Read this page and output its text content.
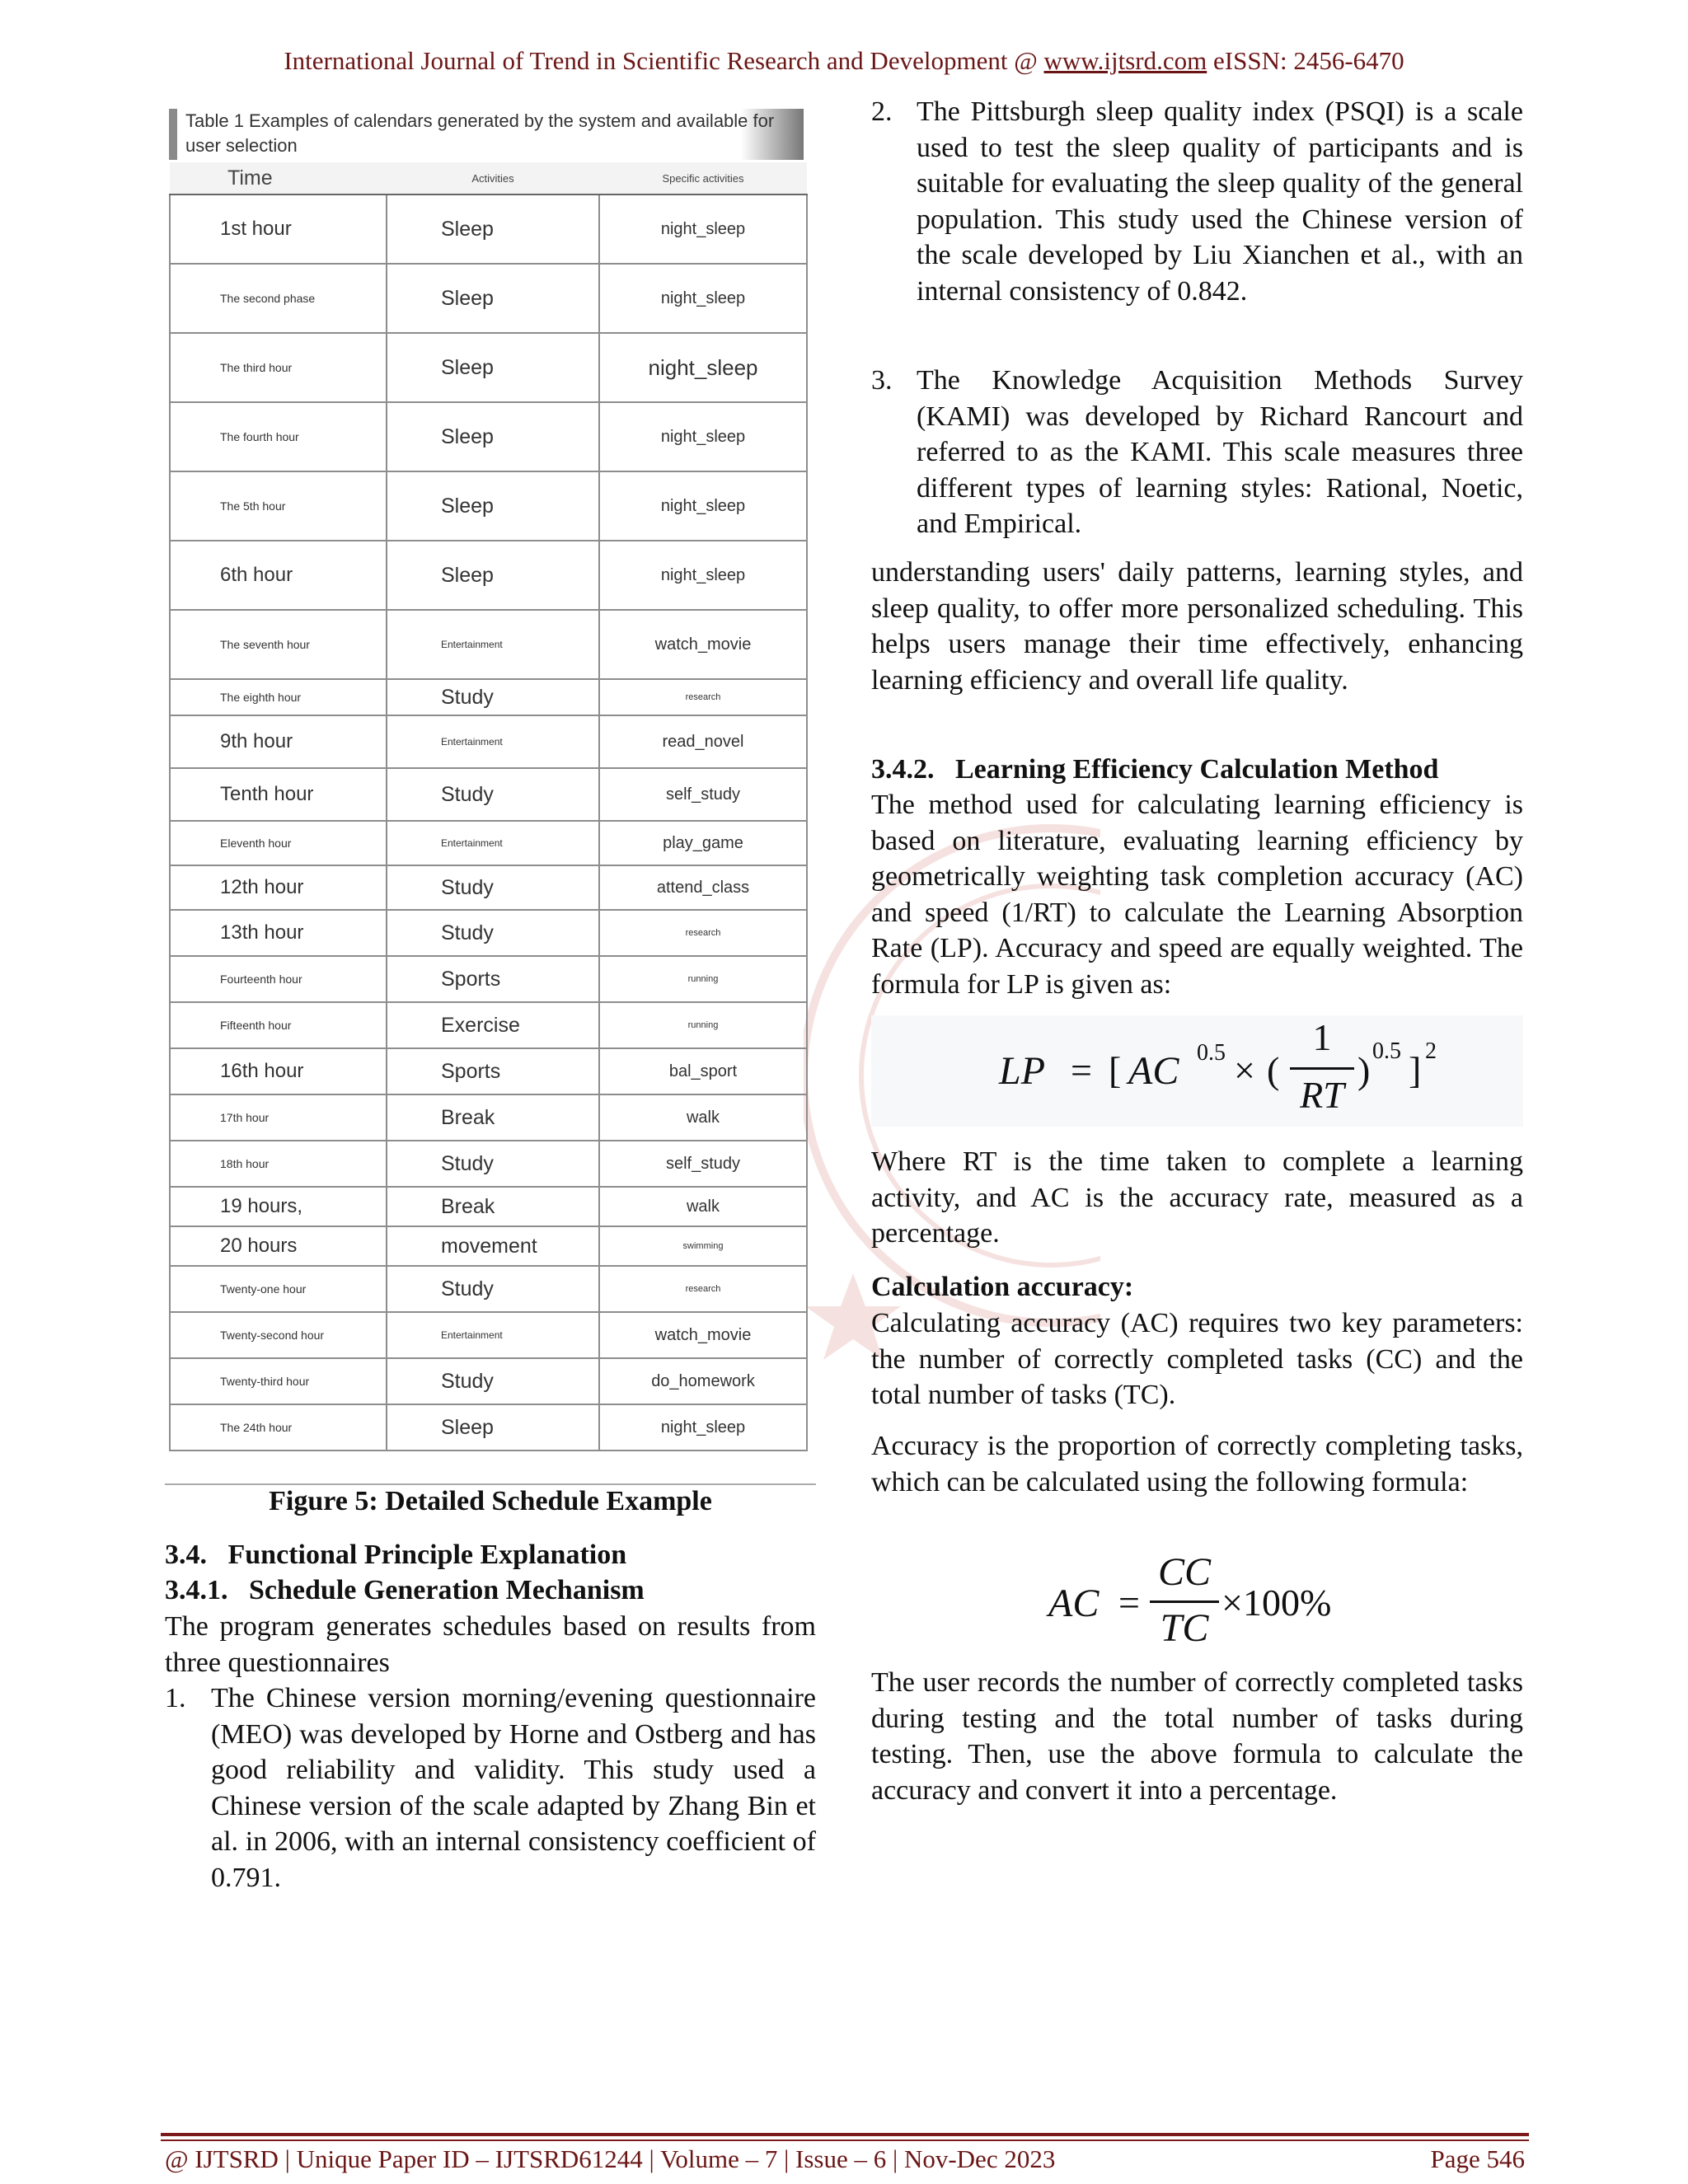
International Journal of Trend in Scientific Research and Development @ www.ijtsrd.com eISSN: 2456-6470
Table 1 Examples of calendars generated by the system and available for user selection
Time	Activities	Specific activities
1st hour	Sleep	night_sleep
The second phase	Sleep	night_sleep
The third hour	Sleep	night_sleep
The fourth hour	Sleep	night_sleep
The 5th hour	Sleep	night_sleep
6th hour	Sleep	night_sleep
The seventh hour	Entertainment	watch_movie
The eighth hour	Study	research
9th hour	Entertainment	read_novel
Tenth hour	Study	self_study
Eleventh hour	Entertainment	play_game
12th hour	Study	attend_class
13th hour	Study	research
Fourteenth hour	Sports	running
Fifteenth hour	Exercise	running
16th hour	Sports	bal_sport
17th hour	Break	walk
18th hour	Study	self_study
19 hours,	Break	walk
20 hours	movement	swimming
Twenty-one hour	Study	research
Twenty-second hour	Entertainment	watch_movie
Twenty-third hour	Study	do_homework
The 24th hour	Sleep	night_sleep
Figure 5: Detailed Schedule Example
3.4.   Functional Principle Explanation
3.4.1.   Schedule Generation Mechanism
The program generates schedules based on results from three questionnaires
1. The Chinese version morning/evening questionnaire (MEO) was developed by Horne and Ostberg and has good reliability and validity. This study used a Chinese version of the scale adapted by Zhang Bin et al. in 2006, with an internal consistency coefficient of 0.791.
2. The Pittsburgh sleep quality index (PSQI) is a scale used to test the sleep quality of participants and is suitable for evaluating the sleep quality of the general population. This study used the Chinese version of the scale developed by Liu Xianchen et al., with an internal consistency of 0.842.
3. The Knowledge Acquisition Methods Survey (KAMI) was developed by Richard Rancourt and referred to as the KAMI. This scale measures three different types of learning styles: Rational, Noetic, and Empirical.
understanding users' daily patterns, learning styles, and sleep quality, to offer more personalized scheduling. This helps users manage their time effectively, enhancing learning efficiency and overall life quality.
3.4.2.   Learning Efficiency Calculation Method
The method used for calculating learning efficiency is based on literature, evaluating learning efficiency by geometrically weighting task completion accuracy (AC) and speed (1/RT) to calculate the Learning Absorption Rate (LP). Accuracy and speed are equally weighted. The formula for LP is given as:
LP = [ AC 0.5 × (
1
RT
) 0.5 ] 2
Where RT is the time taken to complete a learning activity, and AC is the accuracy rate, measured as a percentage.
Calculation accuracy:
Calculating accuracy (AC) requires two key parameters: the number of correctly completed tasks (CC) and the total number of tasks (TC).
Accuracy is the proportion of correctly completing tasks, which can be calculated using the following formula:
AC =
CC
TC
×100%
The user records the number of correctly completed tasks during testing and the total number of tasks during testing. Then, use the above formula to calculate the accuracy and convert it into a percentage.
@ IJTSRD | Unique Paper ID – IJTSRD61244 | Volume – 7 | Issue – 6 | Nov-Dec 2023	Page 546
